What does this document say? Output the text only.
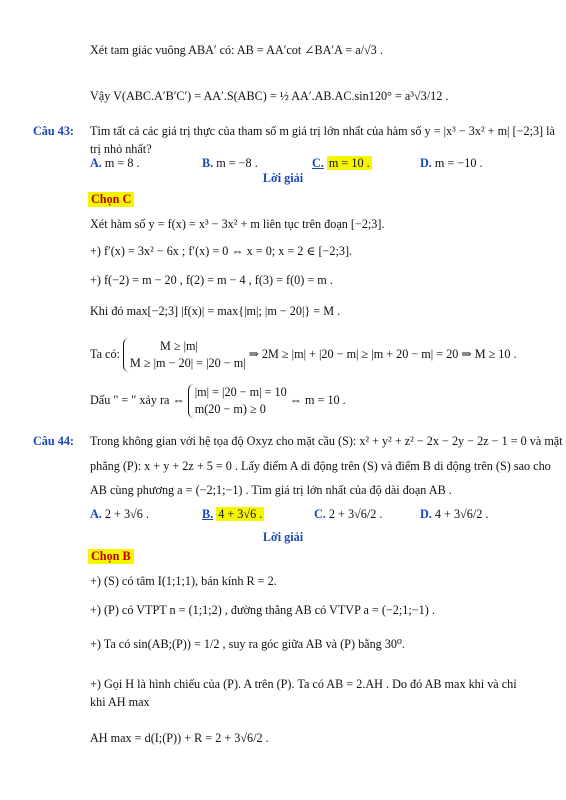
Xét tam giác vuông ABA′ có: AB = AA′cot ∠BA′A = a/√3 .
Vậy V(ABC.A′B′C′) = AA′.S(ABC) = ½ AA′.AB.AC.sin120° = a³√3/12 .
Câu 43: Tìm tất cả các giá trị thực của tham số m giá trị lớn nhất của hàm số y = |x³ − 3x² + m| [−2;3] là
trị nhỏ nhất?
A. m = 8 .	B. m = −8 .	C. m = 10 .	D. m = −10 .
Lời giải
Chọn C
Xét hàm số y = f(x) = x³ − 3x² + m liên tục trên đoạn [−2;3].
+) f′(x) = 3x² − 6x ; f′(x) = 0 ⇔ x = 0; x = 2 ∈ [−2;3].
+) f(−2) = m − 20 , f(2) = m − 4 , f(3) = f(0) = m .
Khi đó max[−2;3] |f(x)| = max{|m|; |m − 20|} = M .
Ta có:
M ≥ |m|
M ≥ |m − 20| = |20 − m|
⇒ 2M ≥ |m| + |20 − m| ≥ |m + 20 − m| = 20 ⇒ M ≥ 10 .
Dấu " = " xảy ra ⇔
|m| = |20 − m| = 10
m(20 − m) ≥ 0
⇔ m = 10 .
Câu 44: Trong không gian với hệ tọa độ Oxyz cho mặt cầu (S): x² + y² + z² − 2x − 2y − 2z − 1 = 0 và mặt
phẳng (P): x + y + 2z + 5 = 0 . Lấy điểm A di động trên (S) và điểm B di động trên (S) sao cho
AB cùng phương a = (−2;1;−1) . Tìm giá trị lớn nhất của độ dài đoạn AB .
A. 2 + 3√6 .	B. 4 + 3√6 .	C. 2 + 3√6/2 .	D. 4 + 3√6/2 .
Lời giải
Chọn B
+) (S) có tâm I(1;1;1), bán kính R = 2.
+) (P) có VTPT n = (1;1;2) , đường thẳng AB có VTVP a = (−2;1;−1) .
+) Ta có sin(AB;(P)) = 1/2 , suy ra góc giữa AB và (P) bằng 30⁰.
+) Gọi H là hình chiếu của (P). A trên (P). Ta có AB = 2.AH . Do đó AB max khi và chỉ
khi AH max
AH max = d(I;(P)) + R = 2 + 3√6/2 .
